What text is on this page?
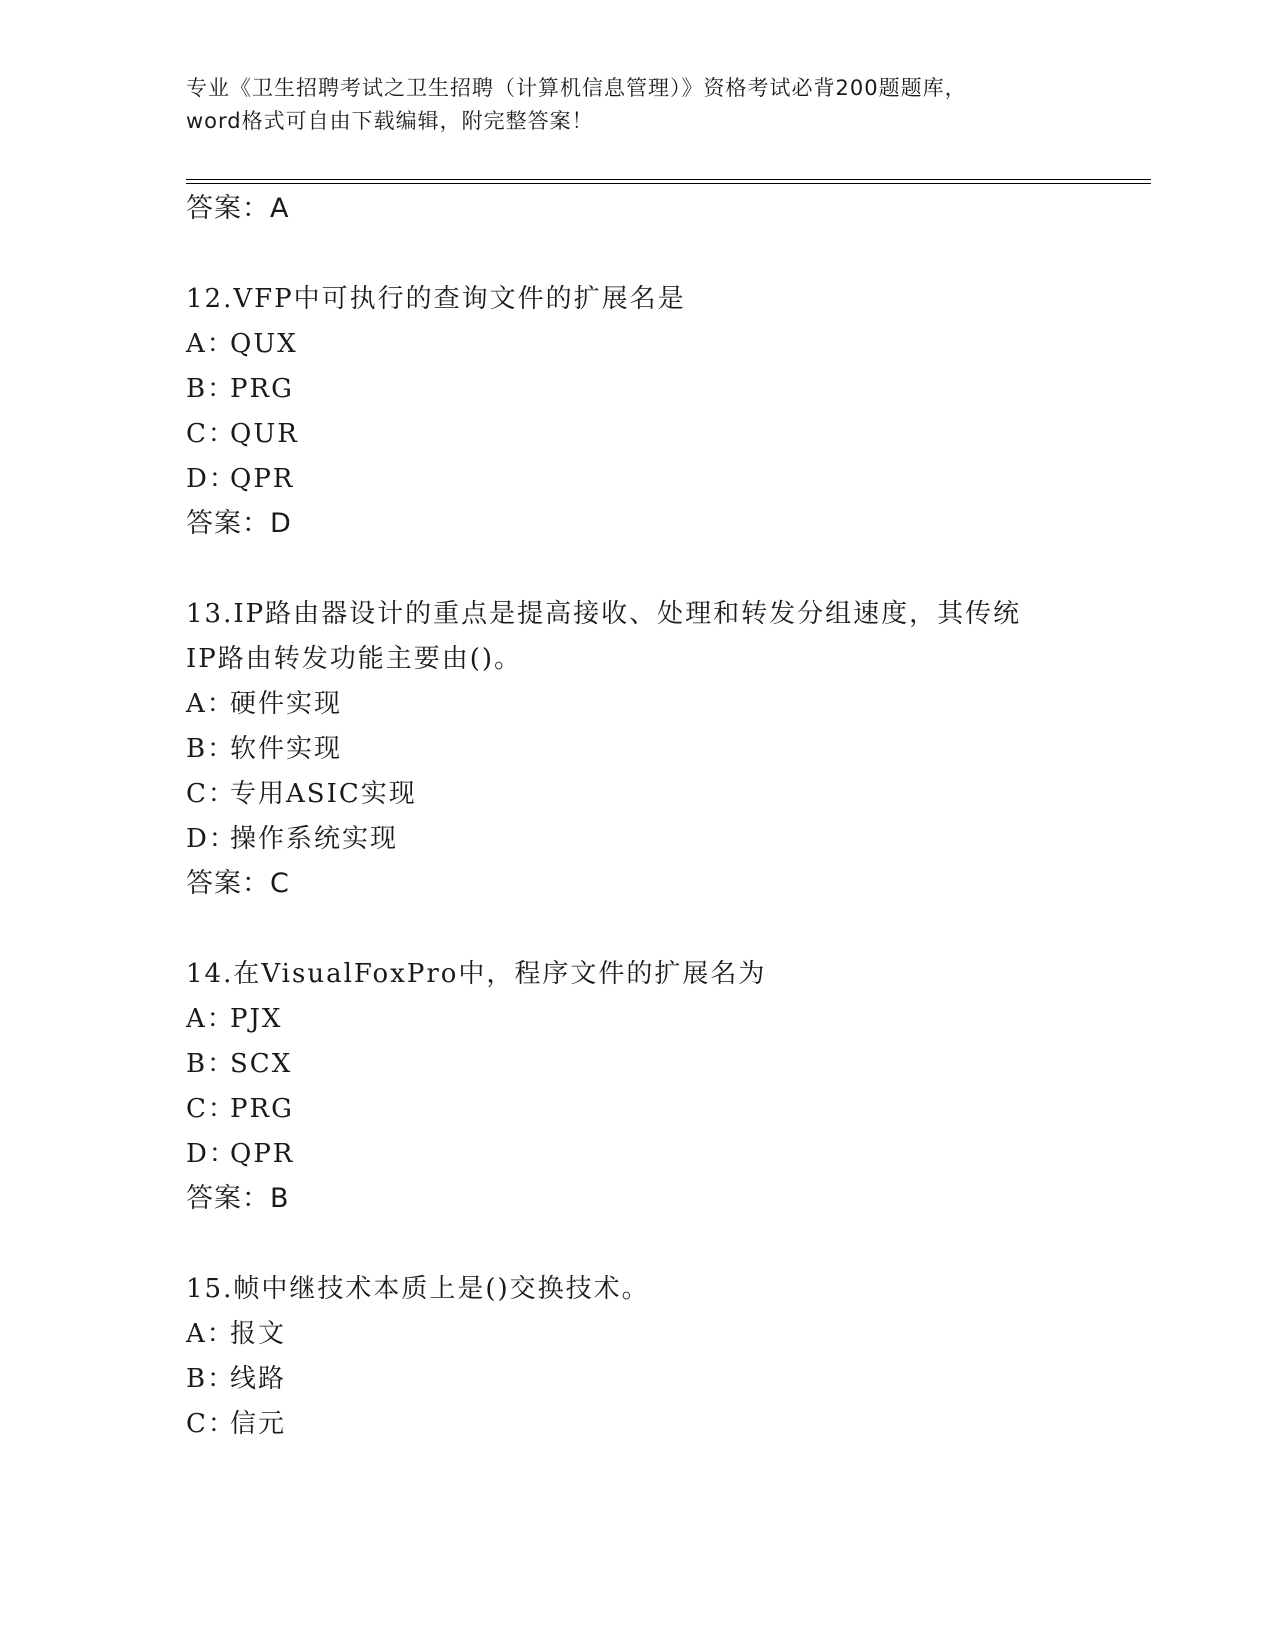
专业《卫生招聘考试之卫生招聘（计算机信息管理）》资格考试必背200题题库，
word格式可自由下载编辑，附完整答案！
答案：A
12.VFP中可执行的查询文件的扩展名是
A：QUX
B：PRG
C：QUR
D：QPR
答案：D
13.IP路由器设计的重点是提高接收、处理和转发分组速度，其传统
IP路由转发功能主要由()。
A：硬件实现
B：软件实现
C：专用ASIC实现
D：操作系统实现
答案：C
14.在VisualFoxPro中，程序文件的扩展名为
A：PJX
B：SCX
C：PRG
D：QPR
答案：B
15.帧中继技术本质上是()交换技术。
A：报文
B：线路
C：信元
